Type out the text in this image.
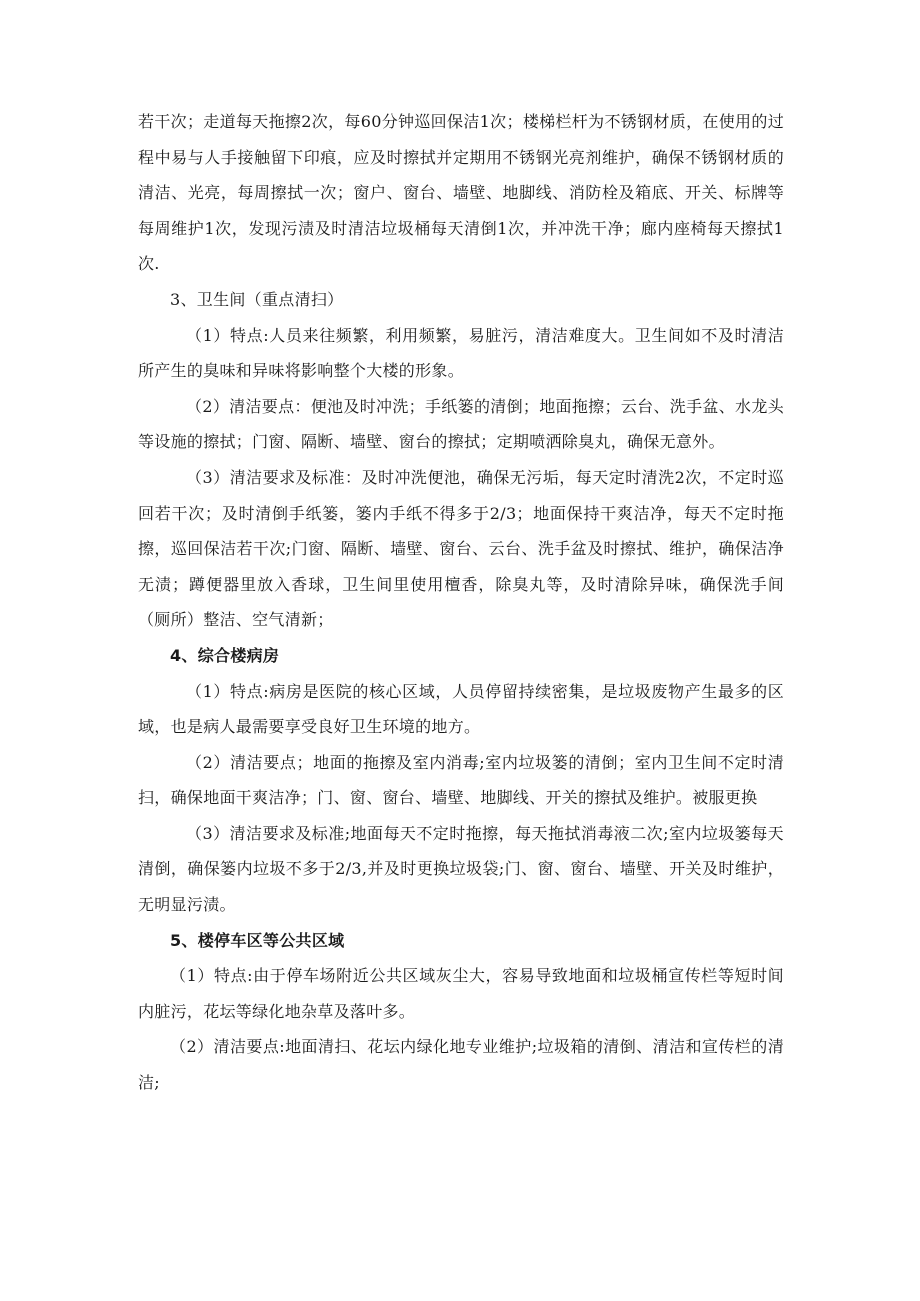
若干次；走道每天拖擦2次，每60分钟巡回保洁1次；楼梯栏杆为不锈钢材质，在使用的过程中易与人手接触留下印痕，应及时擦拭并定期用不锈钢光亮剂维护，确保不锈钢材质的清洁、光亮，每周擦拭一次；窗户、窗台、墙壁、地脚线、消防栓及箱底、开关、标牌等每周维护1次，发现污渍及时清洁垃圾桶每天清倒1次，并冲洗干净；廊内座椅每天擦拭1次.

3、卫生间（重点清扫）

（1）特点:人员来往频繁，利用频繁，易脏污，清洁难度大。卫生间如不及时清洁所产生的臭味和异味将影响整个大楼的形象。

（2）清洁要点：便池及时冲洗；手纸篓的清倒；地面拖擦；云台、洗手盆、水龙头等设施的擦拭；门窗、隔断、墙壁、窗台的擦拭；定期喷洒除臭丸，确保无意外。

（3）清洁要求及标准：及时冲洗便池，确保无污垢，每天定时清洗2次，不定时巡回若干次；及时清倒手纸篓，篓内手纸不得多于2/3；地面保持干爽洁净，每天不定时拖擦，巡回保洁若干次;门窗、隔断、墙壁、窗台、云台、洗手盆及时擦拭、维护，确保洁净无渍；蹲便器里放入香球，卫生间里使用檀香，除臭丸等，及时清除异味，确保洗手间（厕所）整洁、空气清新；

4、综合楼病房

（1）特点:病房是医院的核心区域，人员停留持续密集，是垃圾废物产生最多的区域，也是病人最需要享受良好卫生环境的地方。

（2）清洁要点；地面的拖擦及室内消毒;室内垃圾篓的清倒；室内卫生间不定时清扫，确保地面干爽洁净；门、窗、窗台、墙壁、地脚线、开关的擦拭及维护。被服更换

（3）清洁要求及标准;地面每天不定时拖擦，每天拖拭消毒液二次;室内垃圾篓每天清倒，确保篓内垃圾不多于2/3,并及时更换垃圾袋;门、窗、窗台、墙壁、开关及时维护，无明显污渍。

5、楼停车区等公共区域

（1）特点:由于停车场附近公共区域灰尘大，容易导致地面和垃圾桶宣传栏等短时间内脏污，花坛等绿化地杂草及落叶多。

（2）清洁要点:地面清扫、花坛内绿化地专业维护;垃圾箱的清倒、清洁和宣传栏的清洁;
